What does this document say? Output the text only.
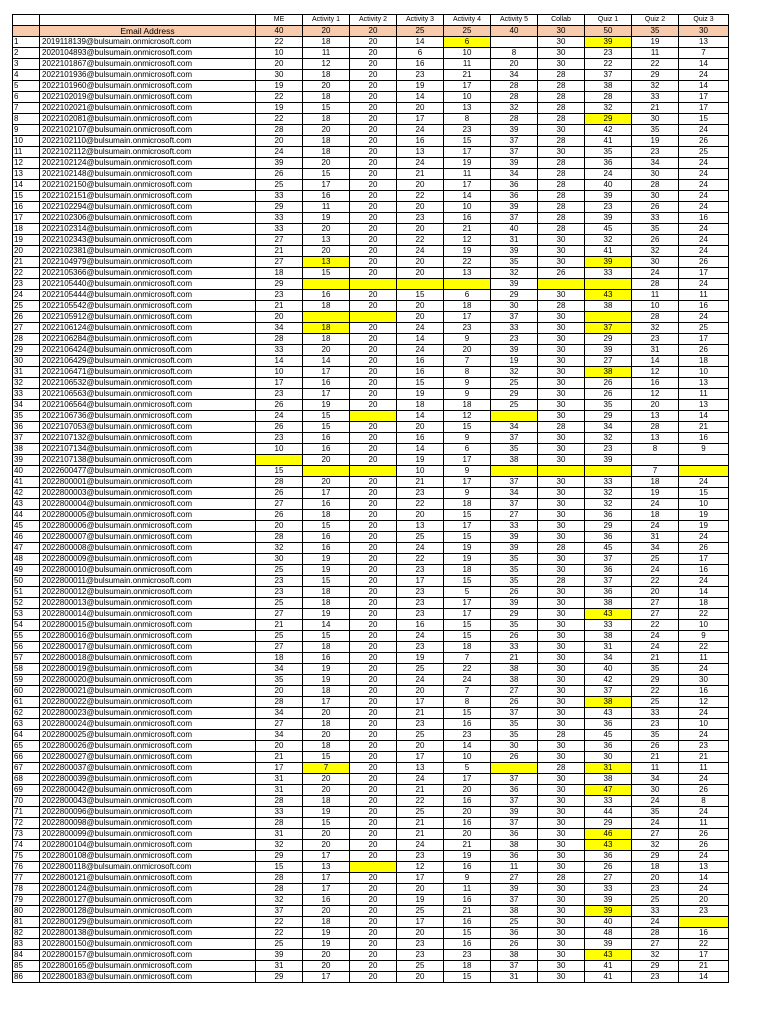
		ME	Activity 1	Activity 2	Activity 3	Activity 4	Activity 5	Collab	Quiz 1	Quiz 2	Quiz 3
	Email Address	40	20	20	25	25	40	30	50	35	30
1	2019118139@bulsumain.onmicrosoft.com	22	18	20	14	6		30	39	19	13
2	2020104893@bulsumain.onmicrosoft.com	10	11	20	6	10	8	30	23	11	7
3	2022101867@bulsumain.onmicrosoft.com	20	12	20	16	11	20	30	22	22	14
4	2022101936@bulsumain.onmicrosoft.com	30	18	20	23	21	34	28	37	29	24
5	2022101960@bulsumain.onmicrosoft.com	19	20	20	19	17	28	28	38	32	14
6	2022102019@bulsumain.onmicrosoft.com	22	18	20	14	10	28	28	28	33	17
7	2022102021@bulsumain.onmicrosoft.com	19	15	20	20	13	32	28	32	21	17
8	2022102081@bulsumain.onmicrosoft.com	22	18	20	17	8	28	28	29	30	15
9	2022102107@bulsumain.onmicrosoft.com	28	20	20	24	23	39	30	42	35	24
10	2022102110@bulsumain.onmicrosoft.com	20	18	20	16	15	37	28	41	19	26
11	2022102112@bulsumain.onmicrosoft.com	24	18	20	13	17	37	30	35	23	25
12	2022102124@bulsumain.onmicrosoft.com	39	20	20	24	19	39	28	36	34	24
13	2022102148@bulsumain.onmicrosoft.com	26	15	20	21	11	34	28	24	30	24
14	2022102150@bulsumain.onmicrosoft.com	25	17	20	20	17	36	28	40	28	24
15	2022102151@bulsumain.onmicrosoft.com	33	16	20	22	14	36	28	39	30	24
16	2022102294@bulsumain.onmicrosoft.com	29	11	20	20	10	39	28	23	26	24
17	2022102306@bulsumain.onmicrosoft.com	33	19	20	23	16	37	28	39	33	16
18	2022102314@bulsumain.onmicrosoft.com	33	20	20	20	21	40	28	45	35	24
19	2022102343@bulsumain.onmicrosoft.com	27	13	20	22	12	31	30	32	26	24
20	2022102381@bulsumain.onmicrosoft.com	21	20	20	24	19	39	30	41	32	24
21	2022104979@bulsumain.onmicrosoft.com	27	13	20	20	22	35	30	39	30	26
22	2022105366@bulsumain.onmicrosoft.com	18	15	20	20	13	32	26	33	24	17
23	2022105440@bulsumain.onmicrosoft.com	29					39			28	24
24	2022105444@bulsumain.onmicrosoft.com	23	16	20	15	6	29	30	43	11	11
25	2022105542@bulsumain.onmicrosoft.com	21	18	20	20	18	30	28	38	10	16
26	2022105912@bulsumain.onmicrosoft.com	20			20	17	37	30		28	24
27	2022106124@bulsumain.onmicrosoft.com	34	18	20	24	23	33	30	37	32	25
28	2022106284@bulsumain.onmicrosoft.com	28	18	20	14	9	23	30	29	23	17
29	2022106424@bulsumain.onmicrosoft.com	33	20	20	24	20	39	30	39	31	26
30	2022106429@bulsumain.onmicrosoft.com	14	14	20	16	7	19	30	27	14	18
31	2022106471@bulsumain.onmicrosoft.com	10	17	20	16	8	32	30	38	12	10
32	2022106532@bulsumain.onmicrosoft.com	17	16	20	15	9	25	30	26	16	13
33	2022106563@bulsumain.onmicrosoft.com	23	17	20	19	9	29	30	26	12	11
34	2022106564@bulsumain.onmicrosoft.com	26	19	20	18	18	25	30	35	20	13
35	2022106736@bulsumain.onmicrosoft.com	24	15		14	12		30	29	13	14
36	2022107053@bulsumain.onmicrosoft.com	26	15	20	20	15	34	28	34	28	21
37	2022107132@bulsumain.onmicrosoft.com	23	16	20	16	9	37	30	32	13	16
38	2022107134@bulsumain.onmicrosoft.com	10	16	20	14	6	35	30	23	8	9
39	2022107138@bulsumain.onmicrosoft.com		20	20	19	17	38	30	39		
40	2022600477@bulsumain.onmicrosoft.com	15			10	9				7	
41	2022800001@bulsumain.onmicrosoft.com	28	20	20	21	17	37	30	33	18	24
42	2022800003@bulsumain.onmicrosoft.com	26	17	20	23	9	34	30	32	19	15
43	2022800004@bulsumain.onmicrosoft.com	27	16	20	22	18	37	30	32	24	10
44	2022800005@bulsumain.onmicrosoft.com	26	18	20	20	15	27	30	36	18	19
45	2022800006@bulsumain.onmicrosoft.com	20	15	20	13	17	33	30	29	24	19
46	2022800007@bulsumain.onmicrosoft.com	28	16	20	25	15	39	30	36	31	24
47	2022800008@bulsumain.onmicrosoft.com	32	16	20	24	19	39	28	45	34	26
48	2022800009@bulsumain.onmicrosoft.com	30	19	20	22	19	35	30	37	25	17
49	2022800010@bulsumain.onmicrosoft.com	25	19	20	23	18	35	30	36	24	16
50	2022800011@bulsumain.onmicrosoft.com	23	15	20	17	15	35	28	37	22	24
51	2022800012@bulsumain.onmicrosoft.com	23	18	20	23	5	26	30	36	20	14
52	2022800013@bulsumain.onmicrosoft.com	25	18	20	23	17	39	30	38	27	18
53	2022800014@bulsumain.onmicrosoft.com	27	19	20	23	17	29	30	43	27	22
54	2022800015@bulsumain.onmicrosoft.com	21	14	20	16	15	35	30	33	22	10
55	2022800016@bulsumain.onmicrosoft.com	25	15	20	24	15	26	30	38	24	9
56	2022800017@bulsumain.onmicrosoft.com	27	18	20	23	18	33	30	31	24	22
57	2022800018@bulsumain.onmicrosoft.com	18	16	20	19	7	21	30	34	21	11
58	2022800019@bulsumain.onmicrosoft.com	34	19	20	25	22	38	30	40	35	24
59	2022800020@bulsumain.onmicrosoft.com	35	19	20	24	24	38	30	42	29	30
60	2022800021@bulsumain.onmicrosoft.com	20	18	20	20	7	27	30	37	22	16
61	2022800022@bulsumain.onmicrosoft.com	28	17	20	17	8	26	30	38	25	12
62	2022800023@bulsumain.onmicrosoft.com	34	20	20	21	15	37	30	43	33	24
63	2022800024@bulsumain.onmicrosoft.com	27	18	20	23	16	35	30	36	23	10
64	2022800025@bulsumain.onmicrosoft.com	34	20	20	25	23	35	28	45	35	24
65	2022800026@bulsumain.onmicrosoft.com	20	18	20	20	14	30	30	36	26	23
66	2022800027@bulsumain.onmicrosoft.com	21	15	20	17	10	26	30	30	21	21
67	2022800037@bulsumain.onmicrosoft.com	17	7	20	13	5		28	31	11	11
68	2022800039@bulsumain.onmicrosoft.com	31	20	20	24	17	37	30	38	34	24
69	2022800042@bulsumain.onmicrosoft.com	31	20	20	21	20	36	30	47	30	26
70	2022800043@bulsumain.onmicrosoft.com	28	18	20	22	16	37	30	33	24	8
71	2022800096@bulsumain.onmicrosoft.com	33	19	20	25	20	39	30	44	35	24
72	2022800098@bulsumain.onmicrosoft.com	28	15	20	21	16	37	30	29	24	11
73	2022800099@bulsumain.onmicrosoft.com	31	20	20	21	20	36	30	46	27	26
74	2022800104@bulsumain.onmicrosoft.com	32	20	20	24	21	38	30	43	32	26
75	2022800108@bulsumain.onmicrosoft.com	29	17	20	23	19	36	30	36	29	24
76	2022800118@bulsumain.onmicrosoft.com	15	13		12	16	11	30	26	18	13
77	2022800121@bulsumain.onmicrosoft.com	28	17	20	17	9	27	28	27	20	14
78	2022800124@bulsumain.onmicrosoft.com	28	17	20	20	11	39	30	33	23	24
79	2022800127@bulsumain.onmicrosoft.com	32	16	20	19	16	37	30	39	25	20
80	2022800128@bulsumain.onmicrosoft.com	37	20	20	25	21	38	30	39	33	23
81	2022800129@bulsumain.onmicrosoft.com	22	18	20	17	16	25	30	40	24	
82	2022800138@bulsumain.onmicrosoft.com	22	19	20	20	15	36	30	48	28	16
83	2022800150@bulsumain.onmicrosoft.com	25	19	20	23	16	26	30	39	27	22
84	2022800157@bulsumain.onmicrosoft.com	39	20	20	23	23	38	30	43	32	17
85	2022800165@bulsumain.onmicrosoft.com	31	20	20	25	18	37	30	41	29	21
86	2022800183@bulsumain.onmicrosoft.com	29	17	20	20	15	31	30	41	23	14
